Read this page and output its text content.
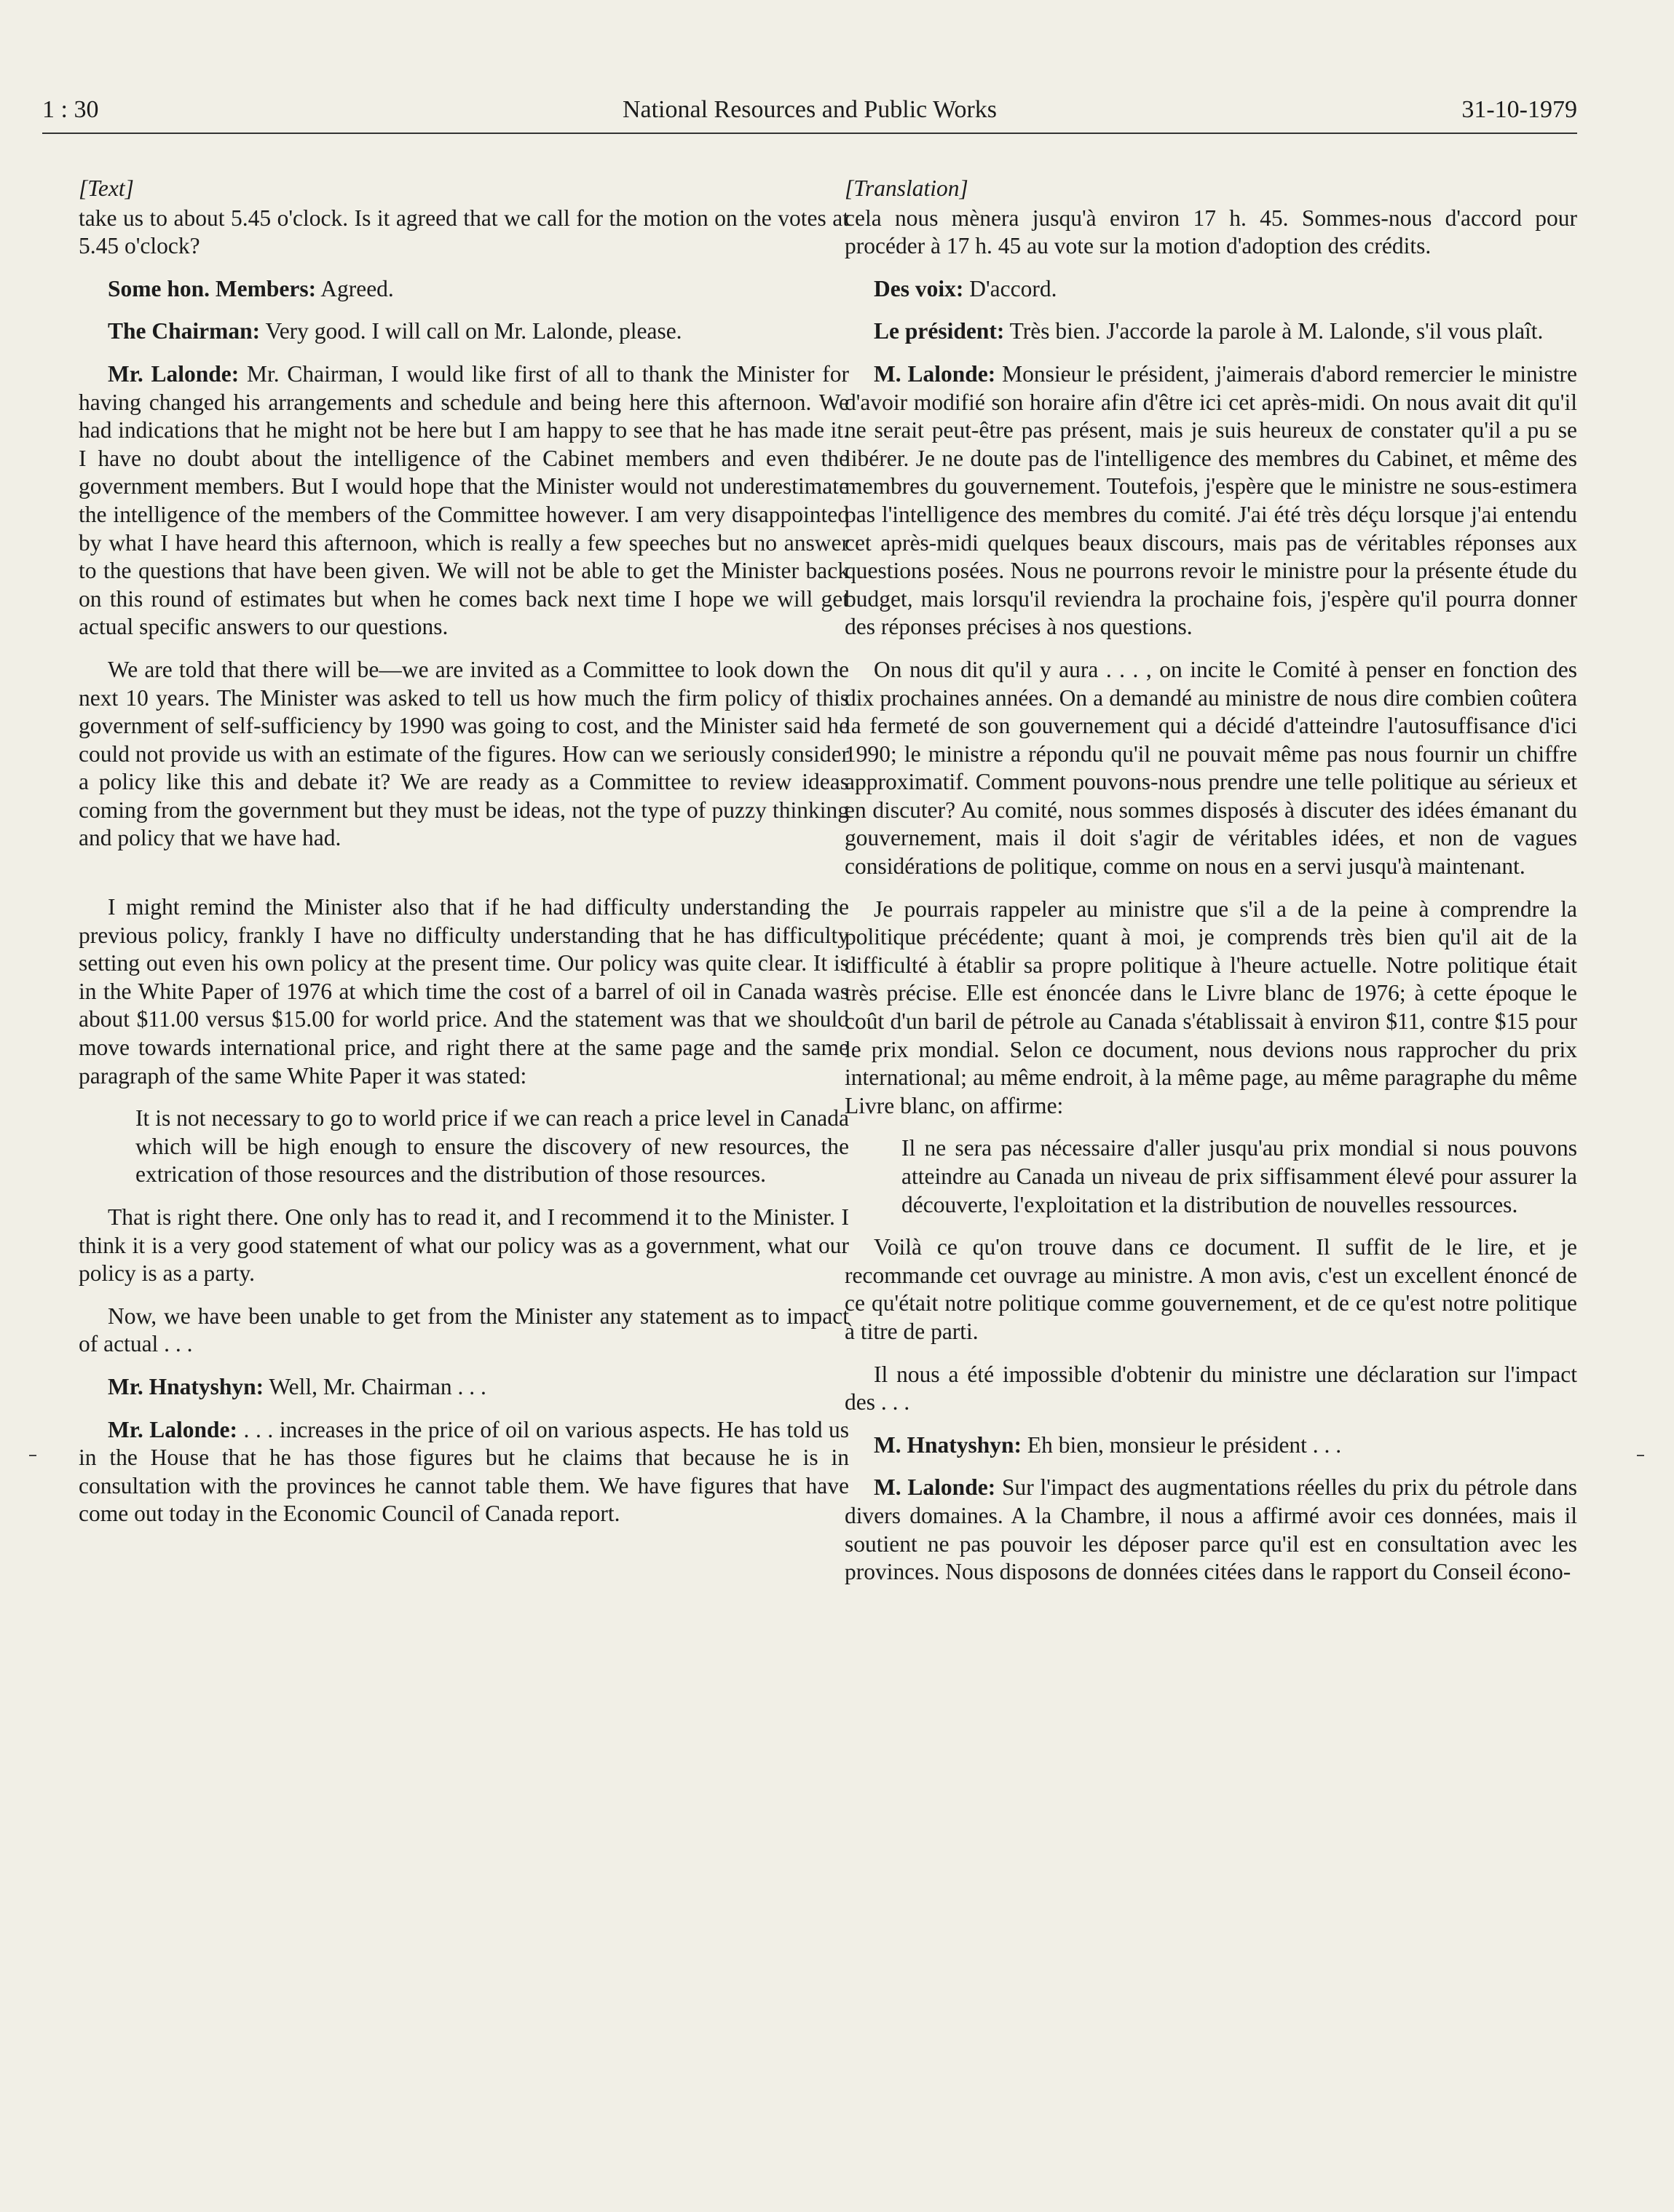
1 : 30	National Resources and Public Works	31-10-1979

[Text]

take us to about 5.45 o'clock. Is it agreed that we call for the motion on the votes at 5.45 o'clock?

Some hon. Members: Agreed.

The Chairman: Very good. I will call on Mr. Lalonde, please.

Mr. Lalonde: Mr. Chairman, I would like first of all to thank the Minister for having changed his arrangements and schedule and being here this afternoon. We had indications that he might not be here but I am happy to see that he has made it. I have no doubt about the intelligence of the Cabinet members and even the government members. But I would hope that the Minister would not underestimate the intelligence of the members of the Committee however. I am very disappointed by what I have heard this afternoon, which is really a few speeches but no answer to the questions that have been given. We will not be able to get the Minister back on this round of estimates but when he comes back next time I hope we will get actual specific answers to our questions.

We are told that there will be—we are invited as a Committee to look down the next 10 years. The Minister was asked to tell us how much the firm policy of this government of self-sufficiency by 1990 was going to cost, and the Minister said he could not provide us with an estimate of the figures. How can we seriously consider a policy like this and debate it? We are ready as a Committee to review ideas coming from the government but they must be ideas, not the type of puzzy thinking and policy that we have had.

I might remind the Minister also that if he had difficulty understanding the previous policy, frankly I have no difficulty understanding that he has difficulty setting out even his own policy at the present time. Our policy was quite clear. It is in the White Paper of 1976 at which time the cost of a barrel of oil in Canada was about $11.00 versus $15.00 for world price. And the statement was that we should move towards international price, and right there at the same page and the same paragraph of the same White Paper it was stated:

It is not necessary to go to world price if we can reach a price level in Canada which will be high enough to ensure the discovery of new resources, the extrication of those resources and the distribution of those resources.

That is right there. One only has to read it, and I recommend it to the Minister. I think it is a very good statement of what our policy was as a government, what our policy is as a party.

Now, we have been unable to get from the Minister any statement as to impact of actual . . .

Mr. Hnatyshyn: Well, Mr. Chairman . . .

Mr. Lalonde: . . . increases in the price of oil on various aspects. He has told us in the House that he has those figures but he claims that because he is in consultation with the provinces he cannot table them. We have figures that have come out today in the Economic Council of Canada report.

[Translation]

cela nous mènera jusqu'à environ 17 h. 45. Sommes-nous d'accord pour procéder à 17 h. 45 au vote sur la motion d'adoption des crédits.

Des voix: D'accord.

Le président: Très bien. J'accorde la parole à M. Lalonde, s'il vous plaît.

M. Lalonde: Monsieur le président, j'aimerais d'abord remercier le ministre d'avoir modifié son horaire afin d'être ici cet après-midi. On nous avait dit qu'il ne serait peut-être pas présent, mais je suis heureux de constater qu'il a pu se libérer. Je ne doute pas de l'intelligence des membres du Cabinet, et même des membres du gouvernement. Toutefois, j'espère que le ministre ne sous-estimera pas l'intelligence des membres du comité. J'ai été très déçu lorsque j'ai entendu cet après-midi quelques beaux discours, mais pas de véritables réponses aux questions posées. Nous ne pourrons revoir le ministre pour la présente étude du budget, mais lorsqu'il reviendra la prochaine fois, j'espère qu'il pourra donner des réponses précises à nos questions.

On nous dit qu'il y aura . . . , on incite le Comité à penser en fonction des dix prochaines années. On a demandé au ministre de nous dire combien coûtera la fermeté de son gouvernement qui a décidé d'atteindre l'autosuffisance d'ici 1990; le ministre a répondu qu'il ne pouvait même pas nous fournir un chiffre approximatif. Comment pouvons-nous prendre une telle politique au sérieux et en discuter? Au comité, nous sommes disposés à discuter des idées émanant du gouvernement, mais il doit s'agir de véritables idées, et non de vagues considérations de politique, comme on nous en a servi jusqu'à maintenant.

Je pourrais rappeler au ministre que s'il a de la peine à comprendre la politique précédente; quant à moi, je comprends très bien qu'il ait de la difficulté à établir sa propre politique à l'heure actuelle. Notre politique était très précise. Elle est énoncée dans le Livre blanc de 1976; à cette époque le coût d'un baril de pétrole au Canada s'établissait à environ $11, contre $15 pour le prix mondial. Selon ce document, nous devions nous rapprocher du prix international; au même endroit, à la même page, au même paragraphe du même Livre blanc, on affirme:

Il ne sera pas nécessaire d'aller jusqu'au prix mondial si nous pouvons atteindre au Canada un niveau de prix siffisamment élevé pour assurer la découverte, l'exploitation et la distribution de nouvelles ressources.

Voilà ce qu'on trouve dans ce document. Il suffit de le lire, et je recommande cet ouvrage au ministre. A mon avis, c'est un excellent énoncé de ce qu'était notre politique comme gouvernement, et de ce qu'est notre politique à titre de parti.

Il nous a été impossible d'obtenir du ministre une déclaration sur l'impact des . . .

M. Hnatyshyn: Eh bien, monsieur le président . . .

M. Lalonde: Sur l'impact des augmentations réelles du prix du pétrole dans divers domaines. A la Chambre, il nous a affirmé avoir ces données, mais il soutient ne pas pouvoir les déposer parce qu'il est en consultation avec les provinces. Nous disposons de données citées dans le rapport du Conseil écono-
